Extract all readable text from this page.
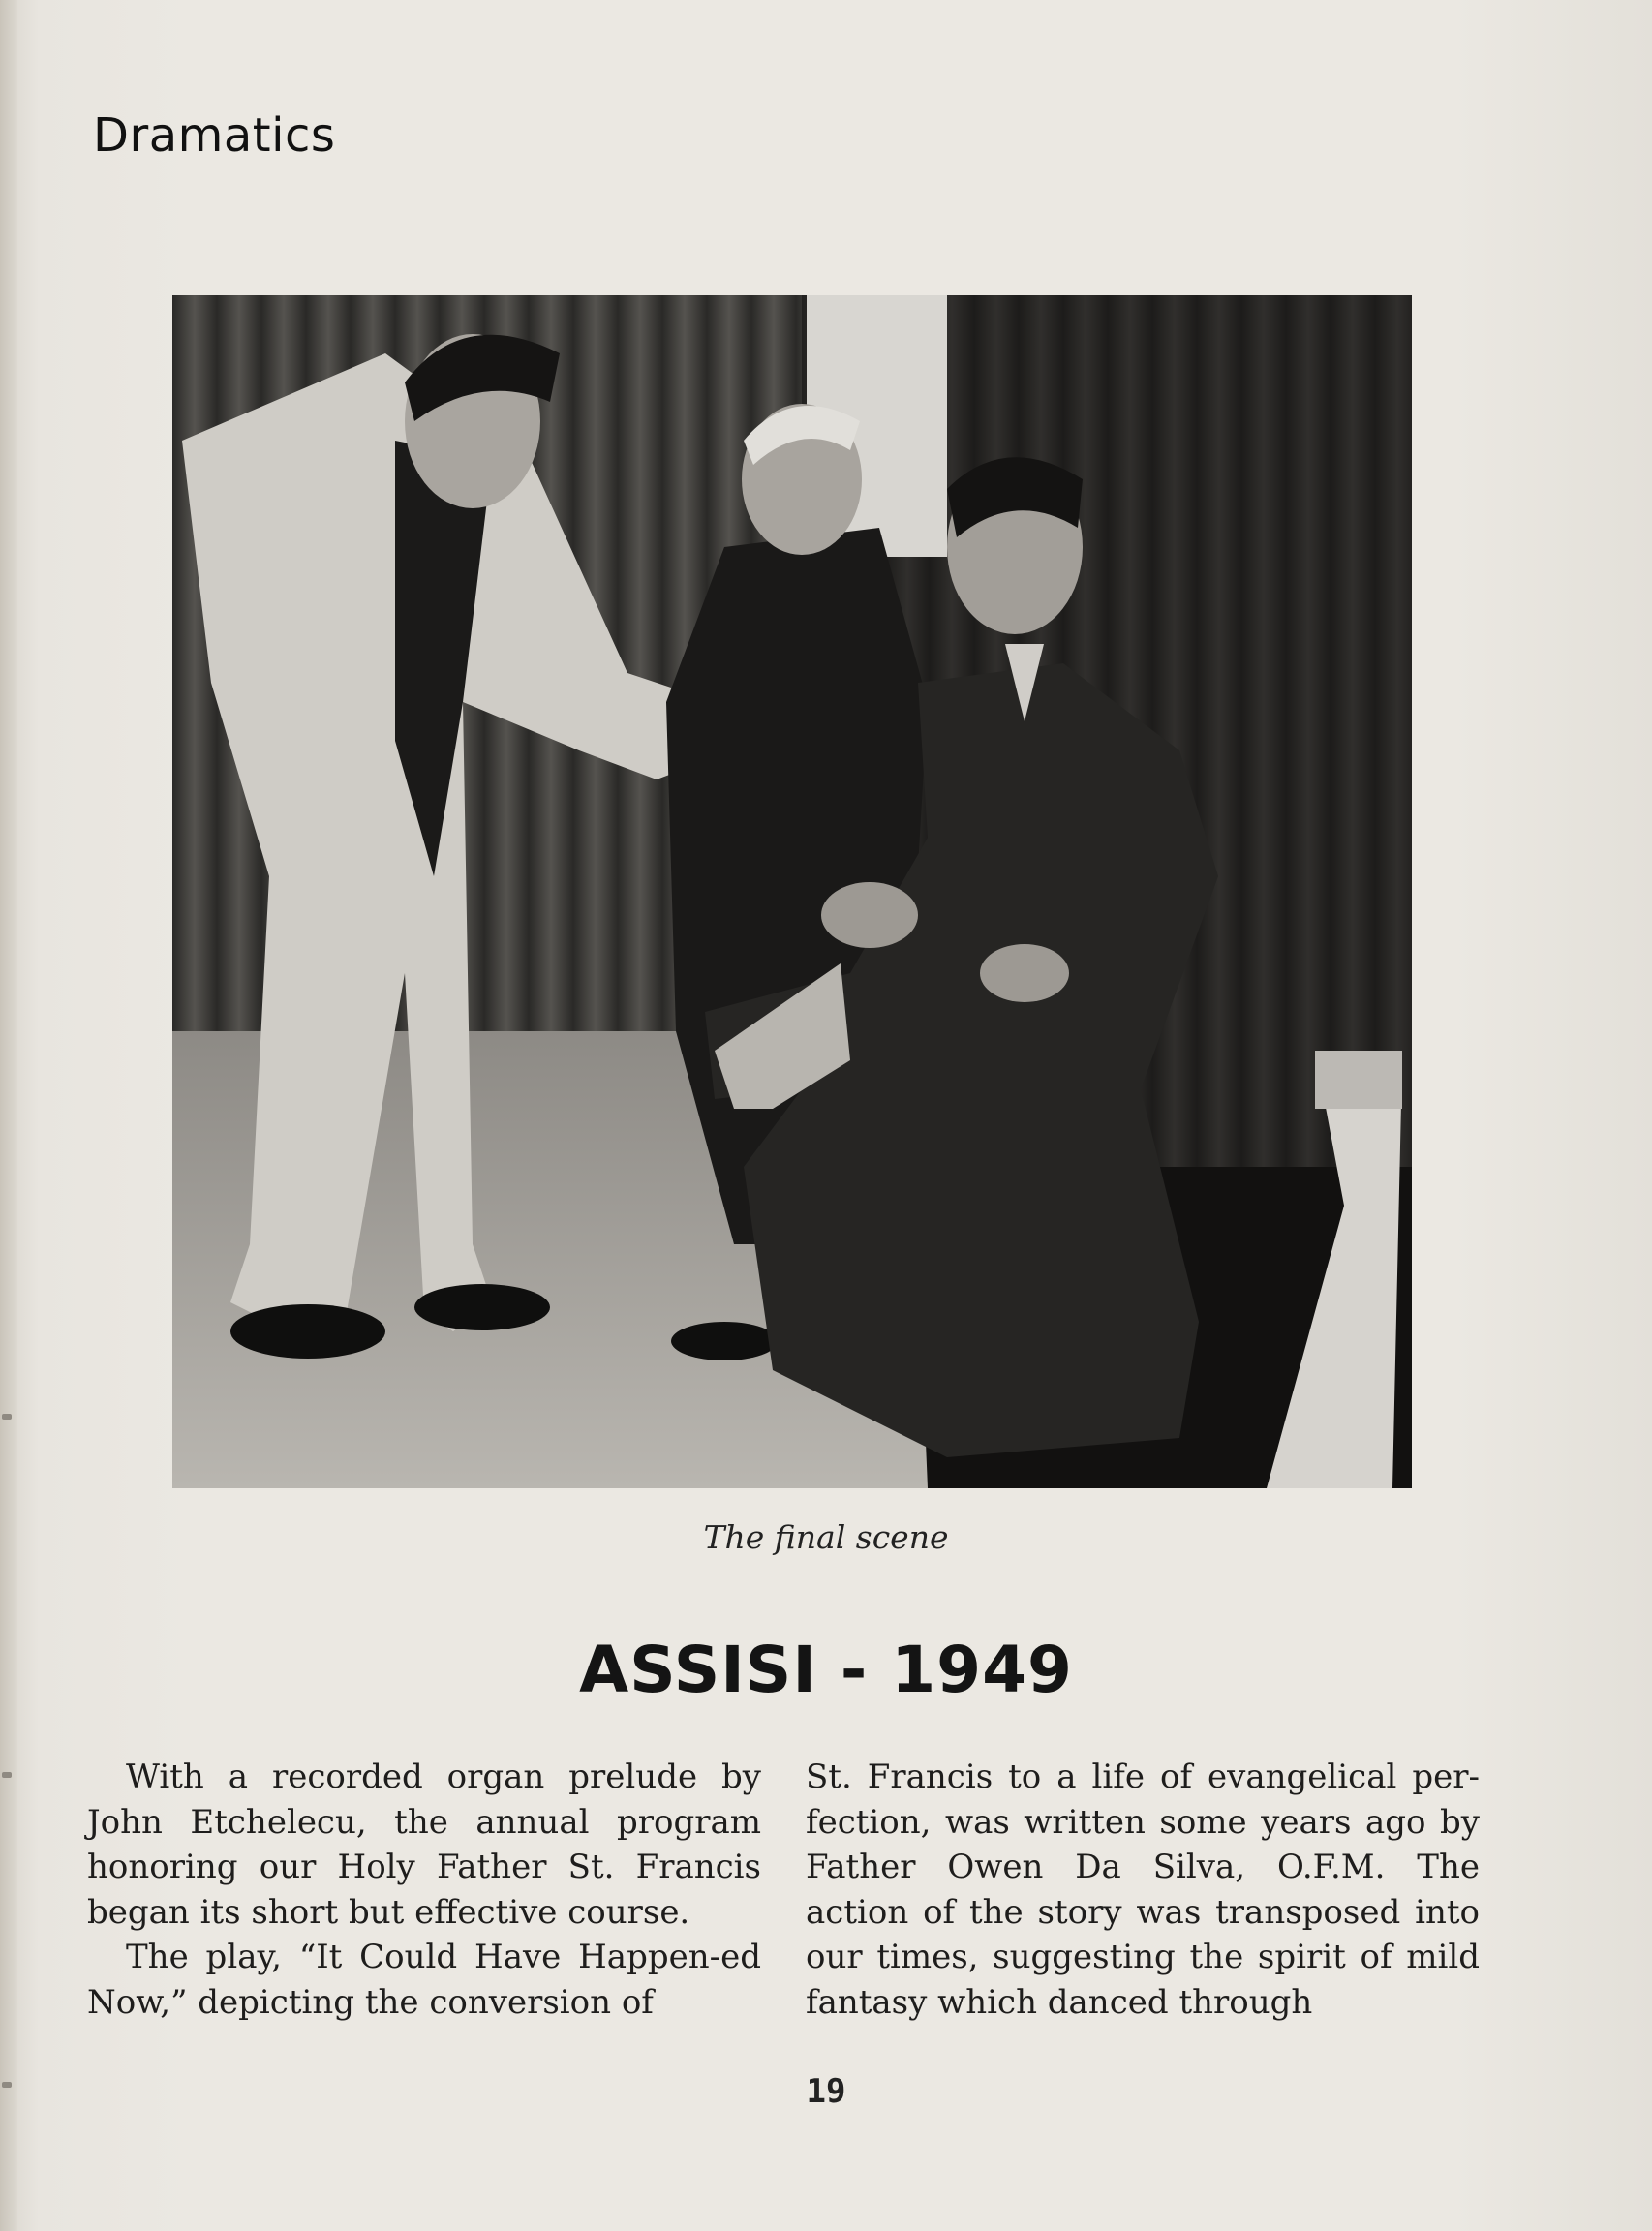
Dramatics
The final scene
ASSISI - 1949

With a recorded organ prelude by John Etchelecu, the annual program honoring our Holy Father St. Francis began its short but effective course.

The play, “It Could Have Happen-ed Now,” depicting the conversion of

St. Francis to a life of evangelical per-fection, was written some years ago by Father Owen Da Silva, O.F.M. The action of the story was transposed into our times, suggesting the spirit of mild fantasy which danced through

19
